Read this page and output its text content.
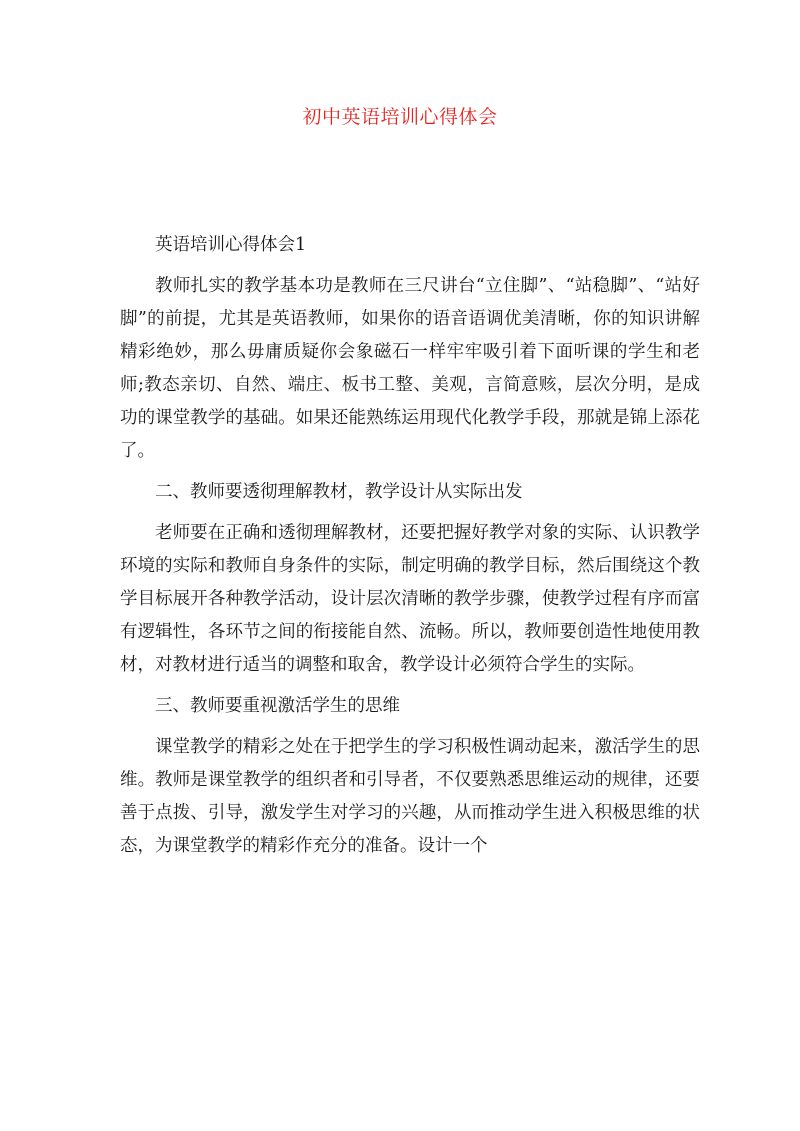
初中英语培训心得体会

英语培训心得体会1

教师扎实的教学基本功是教师在三尺讲台“立住脚”、“站稳脚”、“站好脚”的前提，尤其是英语教师，如果你的语音语调优美清晰，你的知识讲解精彩绝妙，那么毋庸质疑你会象磁石一样牢牢吸引着下面听课的学生和老师;教态亲切、自然、端庄、板书工整、美观，言简意赅，层次分明，是成功的课堂教学的基础。如果还能熟练运用现代化教学手段，那就是锦上添花了。

二、教师要透彻理解教材，教学设计从实际出发

老师要在正确和透彻理解教材，还要把握好教学对象的实际、认识教学环境的实际和教师自身条件的实际，制定明确的教学目标，然后围绕这个教学目标展开各种教学活动，设计层次清晰的教学步骤，使教学过程有序而富有逻辑性，各环节之间的衔接能自然、流畅。所以，教师要创造性地使用教材，对教材进行适当的调整和取舍，教学设计必须符合学生的实际。

三、教师要重视激活学生的思维

课堂教学的精彩之处在于把学生的学习积极性调动起来，激活学生的思维。教师是课堂教学的组织者和引导者，不仅要熟悉思维运动的规律，还要善于点拨、引导，激发学生对学习的兴趣，从而推动学生进入积极思维的状态，为课堂教学的精彩作充分的准备。设计一个
